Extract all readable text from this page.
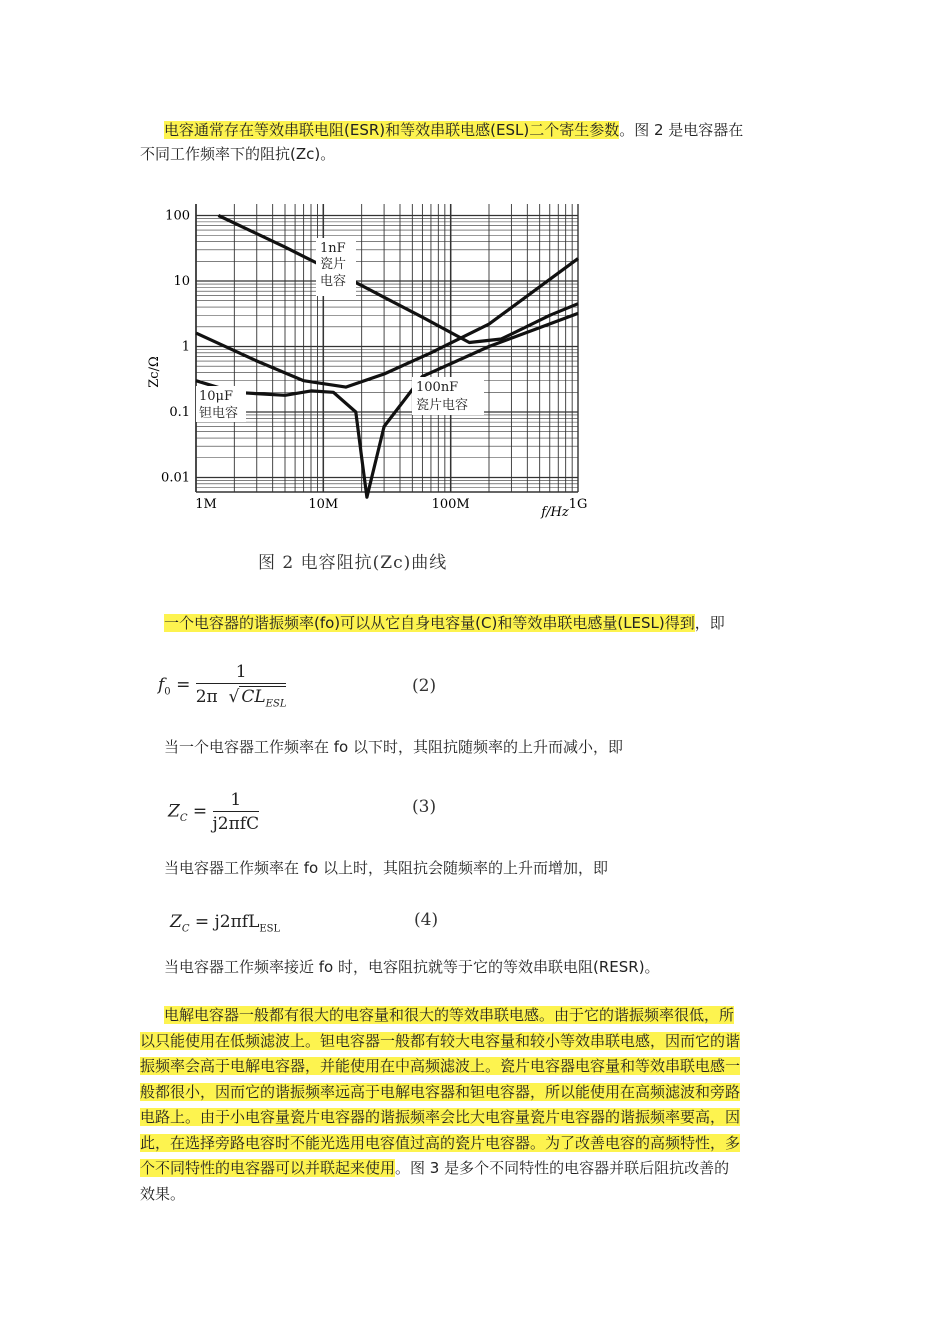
电容通常存在等效串联电阻(ESR)和等效串联电感(ESL)二个寄生参数。图 2 是电容器在
不同工作频率下的阻抗(Zc)。
100
10
1
0.1
0.01
1M	10M	100M	1G
Zc/Ω
f/Hz
1nF
瓷片
电容
100nF
瓷片电容
10μF
钽电容
图 2 电容阻抗(Zc)曲线
一个电容器的谐振频率(fo)可以从它自身电容量(C)和等效串联电感量(LESL)得到，即
$f_0 = \frac{1}{2\pi √ CL_{ESL}}$	(2)
当一个电容器工作频率在 fo 以下时，其阻抗随频率的上升而减小，即
$Z_C = \frac{1}{\text{j2πfC}}$	(3)
当电容器工作频率在 fo 以上时，其阻抗会随频率的上升而增加，即
$Z_C = j2\pi fL_{ESL}$	(4)
当电容器工作频率接近 fo 时，电容阻抗就等于它的等效串联电阻(RESR)。
电解电容器一般都有很大的电容量和很大的等效串联电感。由于它的谐振频率很低，所
以只能使用在低频滤波上。钽电容器一般都有较大电容量和较小等效串联电感，因而它的谐
振频率会高于电解电容器，并能使用在中高频滤波上。瓷片电容器电容量和等效串联电感一
般都很小，因而它的谐振频率远高于电解电容器和钽电容器，所以能使用在高频滤波和旁路
电路上。由于小电容量瓷片电容器的谐振频率会比大电容量瓷片电容器的谐振频率要高，因
此，在选择旁路电容时不能光选用电容值过高的瓷片电容器。为了改善电容的高频特性，多
个不同特性的电容器可以并联起来使用。图 3 是多个不同特性的电容器并联后阻抗改善的
效果。
